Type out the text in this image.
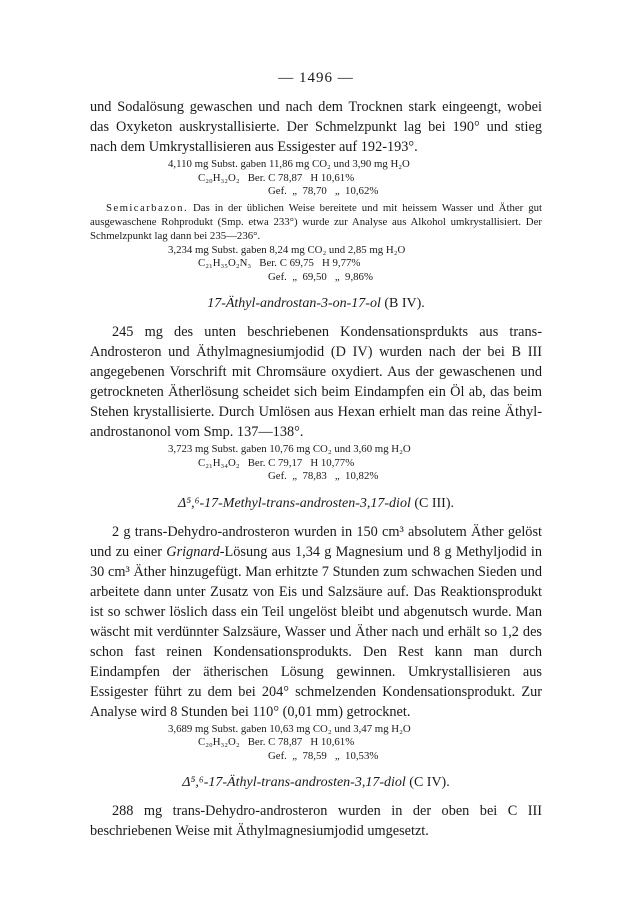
— 1496 —

und Sodalösung gewaschen und nach dem Trocknen stark eingeengt, wobei das Oxyketon auskrystallisierte. Der Schmelzpunkt lag bei 190° und stieg nach dem Umkrystallisieren aus Essigester auf 192-193°.

4,110 mg Subst. gaben 11,86 mg CO₂ und 3,90 mg H₂O
C₂₀H₃₂O₂ Ber. C 78,87   H 10,61%
Gef.  „  78,70   „  10,62%

Semicarbazon. Das in der üblichen Weise bereitete und mit heissem Wasser und Äther gut ausgewaschene Rohprodukt (Smp. etwa 233°) wurde zur Analyse aus Alkohol umkrystallisiert. Der Schmelzpunkt lag dann bei 235—236°.

3,234 mg Subst. gaben 8,24 mg CO₂ und 2,85 mg H₂O
C₂₁H₃₅O₂N₃ Ber. C 69,75   H 9,77%
Gef.  „  69,50   „  9,86%
17-Äthyl-androstan-3-on-17-ol (B IV).

245 mg des unten beschriebenen Kondensationsprdukts aus trans-Androsteron und Äthylmagnesiumjodid (D IV) wurden nach der bei B III angegebenen Vorschrift mit Chromsäure oxydiert. Aus der gewaschenen und getrockneten Ätherlösung scheidet sich beim Eindampfen ein Öl ab, das beim Stehen krystallisierte. Durch Umlösen aus Hexan erhielt man das reine Äthyl-androstanonol vom Smp. 137—138°.

3,723 mg Subst. gaben 10,76 mg CO₂ und 3,60 mg H₂O
C₂₁H₃₄O₂ Ber. C 79,17   H 10,77%
Gef.  „  78,83   „  10,82%
Δ⁵,⁶-17-Methyl-trans-androsten-3,17-diol (C III).

2 g trans-Dehydro-androsteron wurden in 150 cm³ absolutem Äther gelöst und zu einer Grignard-Lösung aus 1,34 g Magnesium und 8 g Methyljodid in 30 cm³ Äther hinzugefügt. Man erhitzte 7 Stunden zum schwachen Sieden und arbeitete dann unter Zusatz von Eis und Salzsäure auf. Das Reaktionsprodukt ist so schwer löslich dass ein Teil ungelöst bleibt und abgenutsch wurde. Man wäscht mit verdünnter Salzsäure, Wasser und Äther nach und erhält so 1,2 des schon fast reinen Kondensationsprodukts. Den Rest kann man durch Eindampfen der ätherischen Lösung gewinnen. Umkrystallisieren aus Essigester führt zu dem bei 204° schmelzenden Kondensationsprodukt. Zur Analyse wird 8 Stunden bei 110° (0,01 mm) getrocknet.

3,689 mg Subst. gaben 10,63 mg CO₂ und 3,47 mg H₂O
C₂₀H₃₂O₂ Ber. C 78,87   H 10,61%
Gef.  „  78,59   „  10,53%
Δ⁵,⁶-17-Äthyl-trans-androsten-3,17-diol (C IV).

288 mg trans-Dehydro-androsteron wurden in der oben bei C III beschriebenen Weise mit Äthylmagnesiumjodid umgesetzt.
